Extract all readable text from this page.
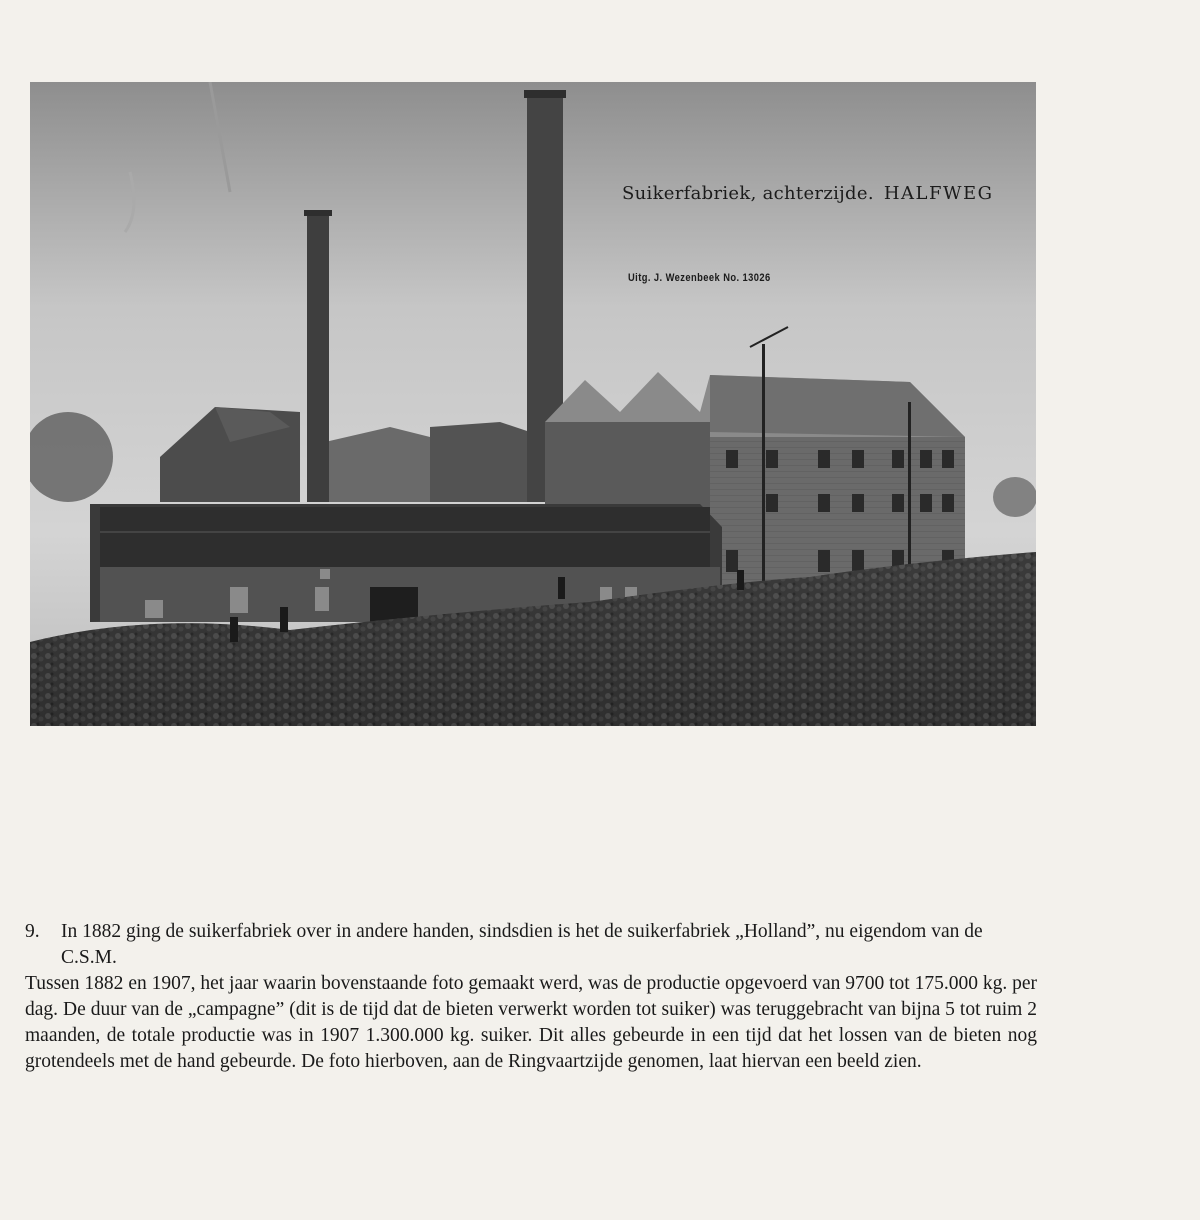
Suikerfabriek, achterzijde. HALFWEG
Uitg. J. Wezenbeek No. 13026
9.	In 1882 ging de suikerfabriek over in andere handen, sindsdien is het de suikerfabriek „Holland”, nu eigendom van de C.S.M.

Tussen 1882 en 1907, het jaar waarin bovenstaande foto gemaakt werd, was de productie opgevoerd van 9700 tot 175.000 kg. per dag. De duur van de „campagne” (dit is de tijd dat de bieten verwerkt worden tot suiker) was teruggebracht van bijna 5 tot ruim 2 maanden, de totale productie was in 1907 1.300.000 kg. suiker. Dit alles gebeurde in een tijd dat het lossen van de bieten nog grotendeels met de hand gebeurde. De foto hierboven, aan de Ringvaartzijde genomen, laat hiervan een beeld zien.
